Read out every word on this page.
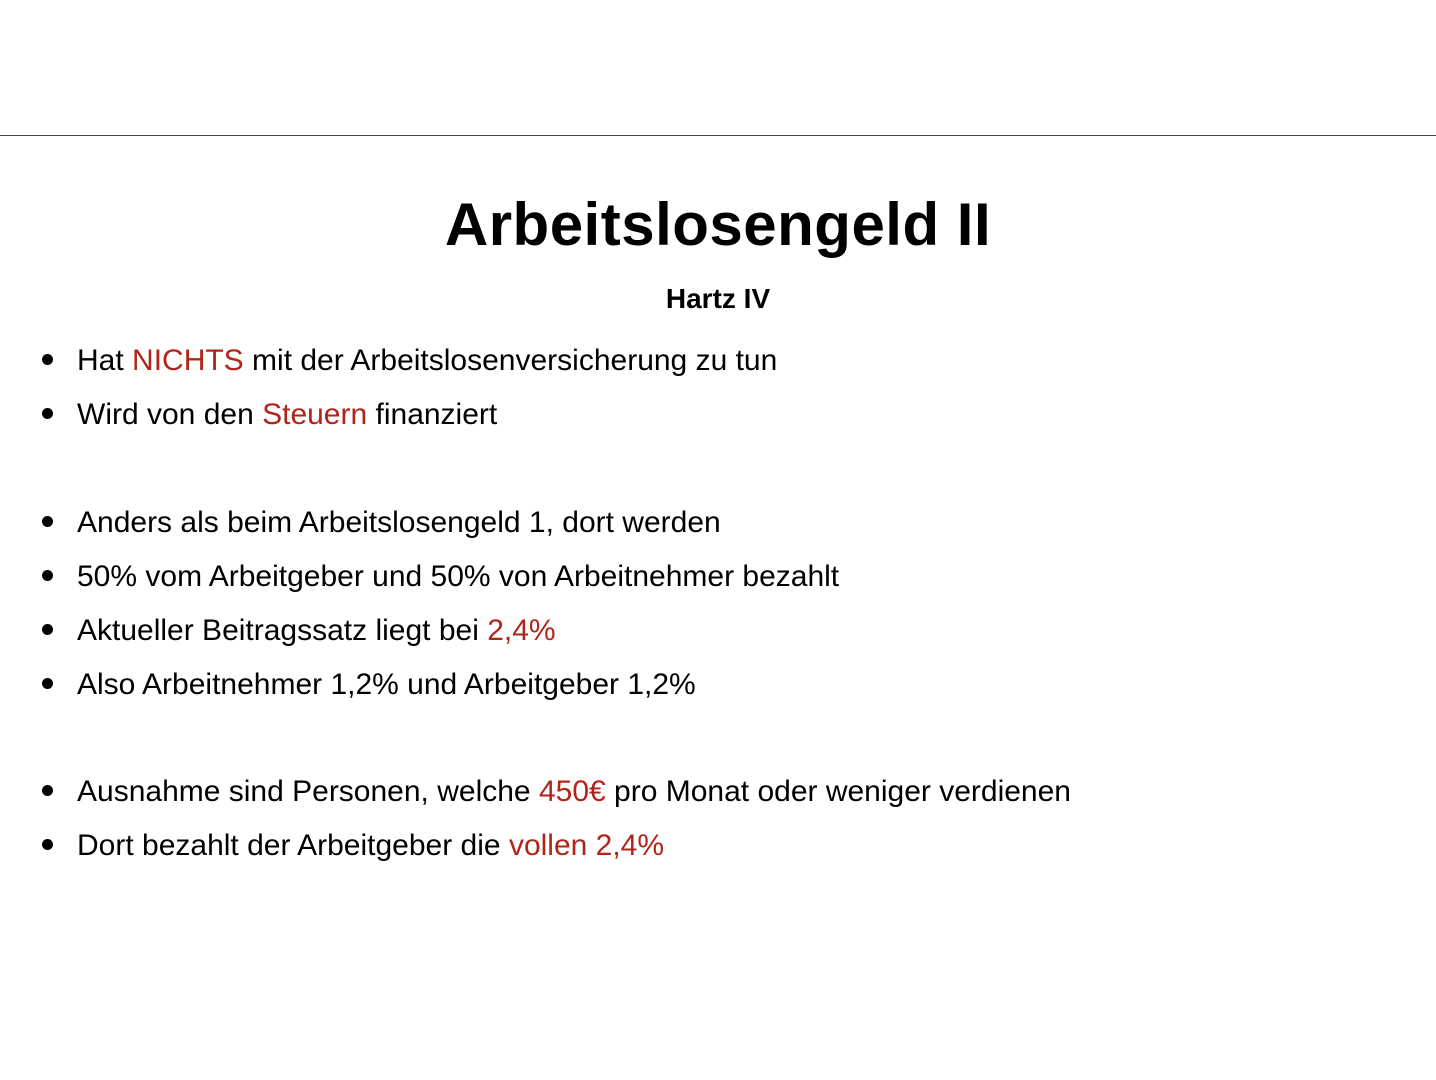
Arbeitslosengeld II
Hartz IV
Hat NICHTS mit der Arbeitslosenversicherung zu tun
Wird von den Steuern finanziert
Anders als beim Arbeitslosengeld 1, dort werden
50% vom Arbeitgeber und 50% von Arbeitnehmer bezahlt
Aktueller Beitragssatz liegt bei 2,4%
Also Arbeitnehmer 1,2% und Arbeitgeber 1,2%
Ausnahme sind Personen, welche 450€ pro Monat oder weniger verdienen
Dort bezahlt der Arbeitgeber die vollen 2,4%
